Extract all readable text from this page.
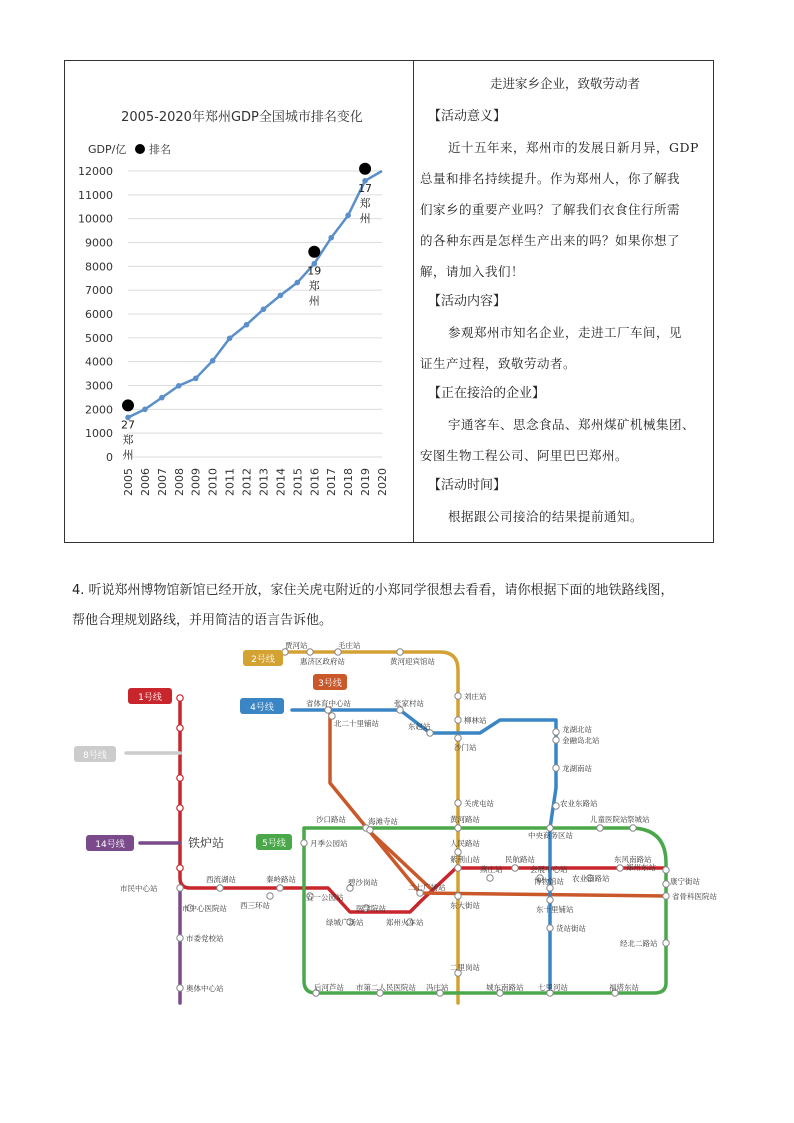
2005-2020年郑州GDP全国城市排名变化
GDP/亿 排名
0
1000
2000
3000
4000
5000
6000
7000
8000
9000
10000
11000
12000
2005 2006 2007 2008 2009 2010 2011 2012 2013 2014 2015 2016 2017 2018 2019 2020
27
郑
州
19
郑
州
17
郑
州
走进家乡企业，致敬劳动者
【活动意义】

近十五年来，郑州市的发展日新月异，GDP

总量和排名持续提升。作为郑州人，你了解我

们家乡的重要产业吗？了解我们衣食住行所需

的各种东西是怎样生产出来的吗？如果你想了

解，请加入我们！

【活动内容】

参观郑州市知名企业，走进工厂车间，见

证生产过程，致敬劳动者。

【正在接洽的企业】

宇通客车、思念食品、郑州煤矿机械集团、

安图生物工程公司、阿里巴巴郑州。

【活动时间】

根据跟公司接洽的结果提前通知。

4. 听说郑州博物馆新馆已经开放，家住关虎屯附近的小郑同学很想去看看，请你根据下面的地铁路线图，
帮他合理规划路线，并用简洁的语言告诉他。
1号线
2号线
3号线
4号线
5号线
8号线
14号线	铁炉站
贾河站	毛庄站
惠济区政府站	黄河迎宾馆站
刘庄站
柳林站
省体育中心站
北二十里铺站
张家村站
东赵站	龙湖北站
金融岛北站
龙湖南站
沙门站
关虎屯站	农业东路站
沙口路站	海滩寺站	黄河路站
中央商务区站
儿童医院站 祭城站
月季公园站
紫荆山站	民航路站
燕庄站	会展中心站
博物馆站 农业南路站
东风南路站
郑州东站
康宁街站
省骨科医院站
西流湖站	秦岭路站	碧沙岗站
西三环站
五一公园站
市民中心站
市中心医院站
二七广场站
人民路站
医学院站
绿城广场站	郑州火车站
东大街站	东十里铺站
货站街站
经北二路站
市委党校站
奥体中心站
二里岗站
后河芦站 市第二人民医院站 冯庄站	城东南路站 七里河站	福塔东站
